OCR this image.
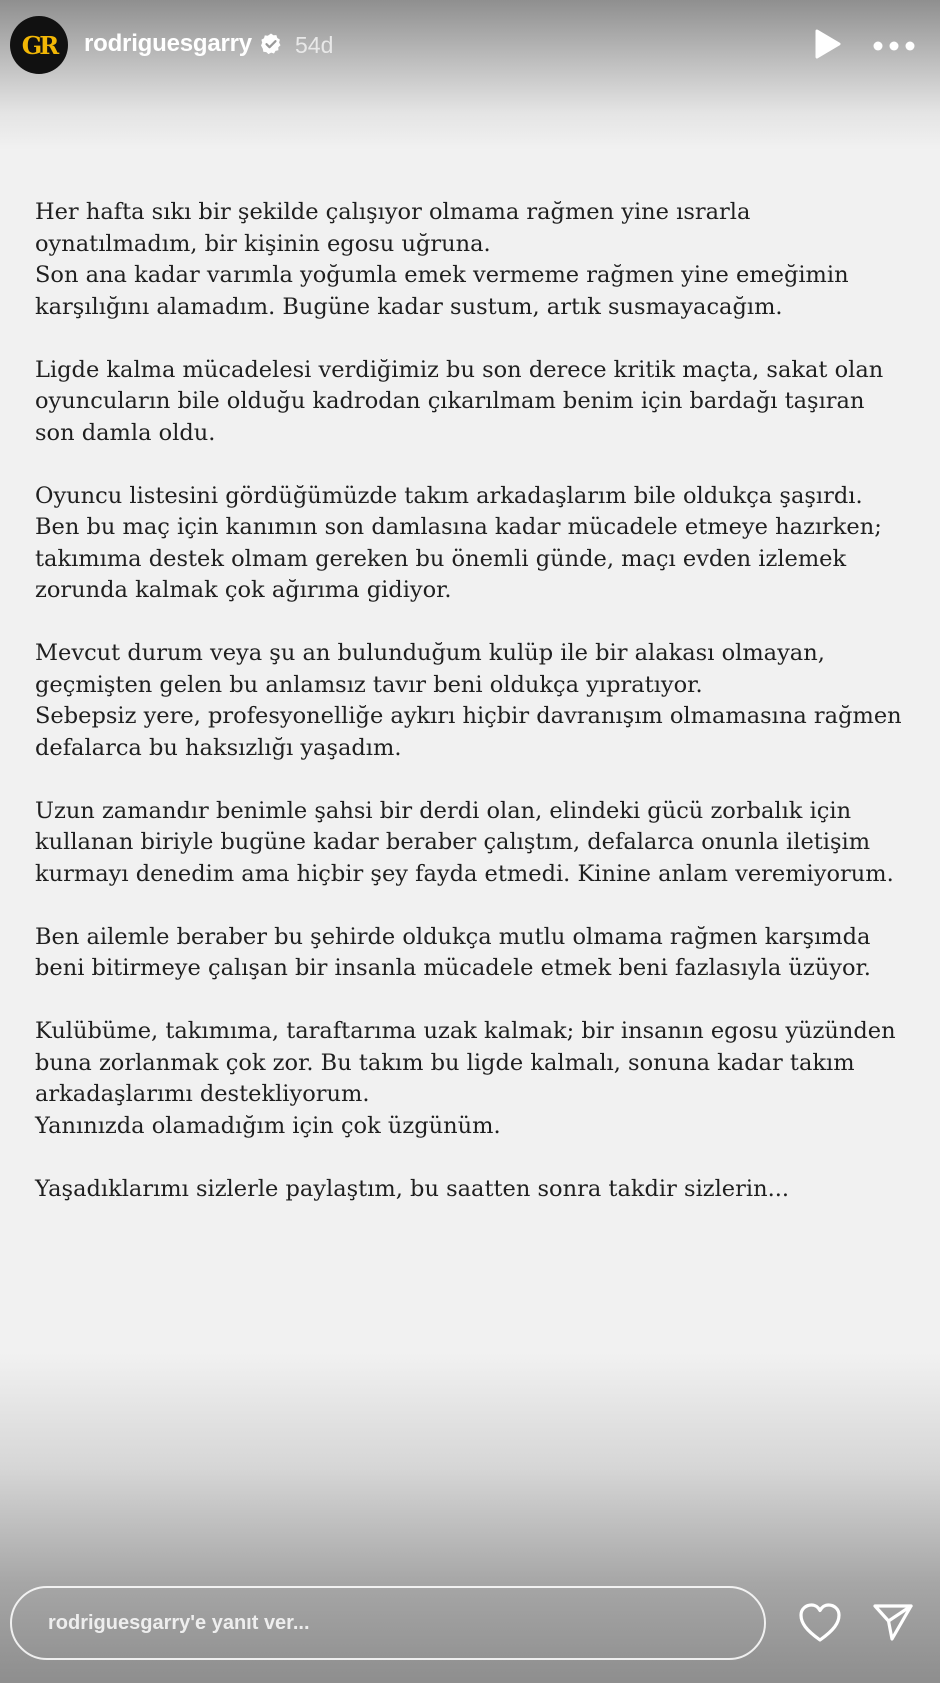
GR rodriguesgarry 54d
Her hafta sıkı bir şekilde çalışıyor olmama rağmen yine ısrarla
oynatılmadım, bir kişinin egosu uğruna.
Son ana kadar varımla yoğumla emek vermeme rağmen yine emeğimin
karşılığını alamadım. Bugüne kadar sustum, artık susmayacağım.
Ligde kalma mücadelesi verdiğimiz bu son derece kritik maçta, sakat olan
oyuncuların bile olduğu kadrodan çıkarılmam benim için bardağı taşıran
son damla oldu.
Oyuncu listesini gördüğümüzde takım arkadaşlarım bile oldukça şaşırdı.
Ben bu maç için kanımın son damlasına kadar mücadele etmeye hazırken;
takımıma destek olmam gereken bu önemli günde, maçı evden izlemek
zorunda kalmak çok ağırıma gidiyor.
Mevcut durum veya şu an bulunduğum kulüp ile bir alakası olmayan,
geçmişten gelen bu anlamsız tavır beni oldukça yıpratıyor.
Sebepsiz yere, profesyonelliğe aykırı hiçbir davranışım olmamasına rağmen
defalarca bu haksızlığı yaşadım.
Uzun zamandır benimle şahsi bir derdi olan, elindeki gücü zorbalık için
kullanan biriyle bugüne kadar beraber çalıştım, defalarca onunla iletişim
kurmayı denedim ama hiçbir şey fayda etmedi. Kinine anlam veremiyorum.
Ben ailemle beraber bu şehirde oldukça mutlu olmama rağmen karşımda
beni bitirmeye çalışan bir insanla mücadele etmek beni fazlasıyla üzüyor.
Kulübüme, takımıma, taraftarıma uzak kalmak; bir insanın egosu yüzünden
buna zorlanmak çok zor. Bu takım bu ligde kalmalı, sonuna kadar takım
arkadaşlarımı destekliyorum.
Yanınızda olamadığım için çok üzgünüm.
Yaşadıklarımı sizlerle paylaştım, bu saatten sonra takdir sizlerin...
rodriguesgarry'e yanıt ver...
